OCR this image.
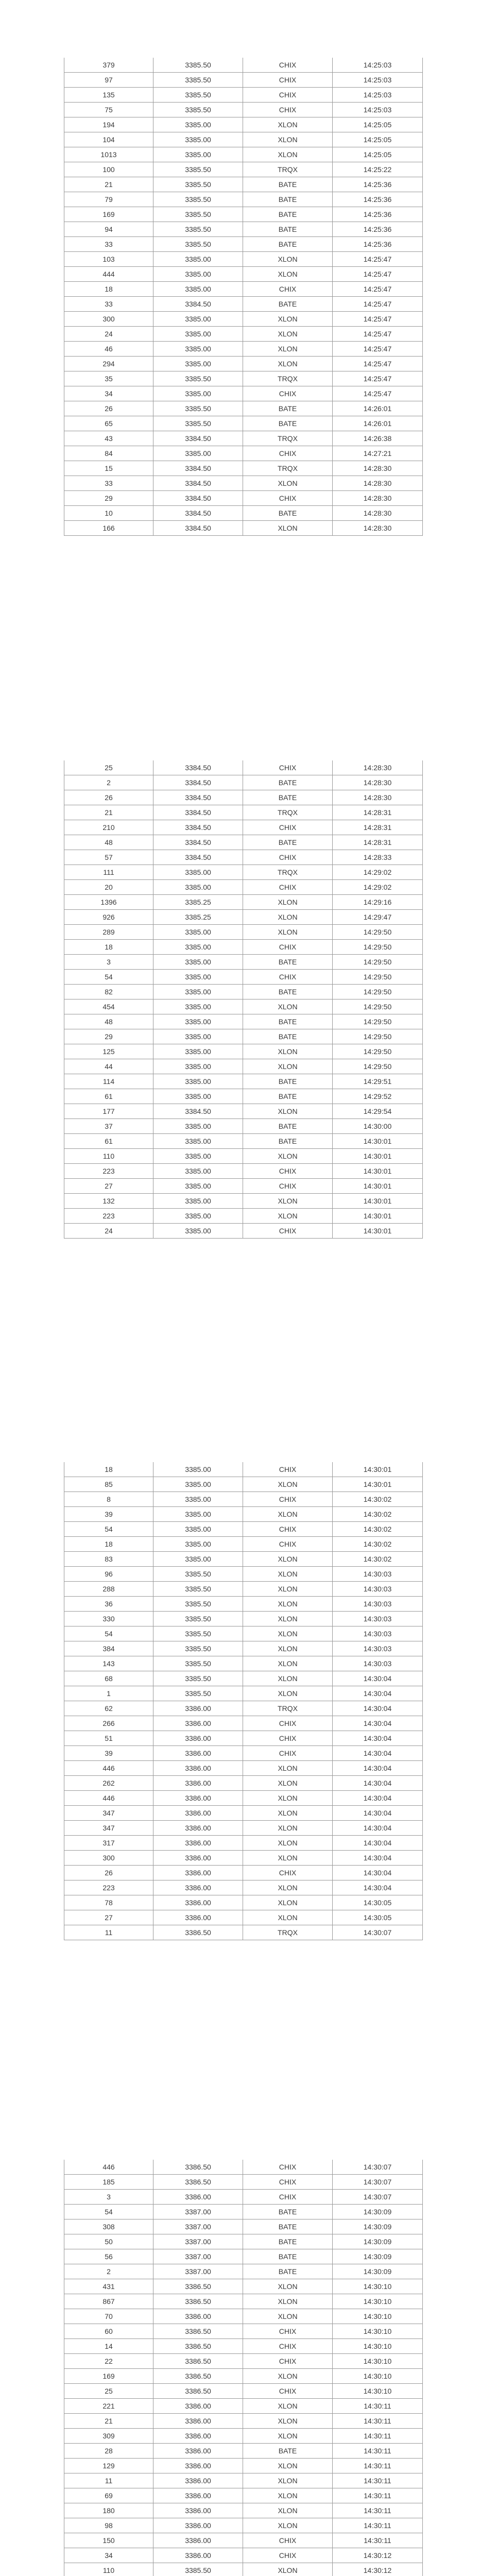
379	3385.50	CHIX	14:25:03
97	3385.50	CHIX	14:25:03
135	3385.50	CHIX	14:25:03
75	3385.50	CHIX	14:25:03
194	3385.00	XLON	14:25:05
104	3385.00	XLON	14:25:05
1013	3385.00	XLON	14:25:05
100	3385.50	TRQX	14:25:22
21	3385.50	BATE	14:25:36
79	3385.50	BATE	14:25:36
169	3385.50	BATE	14:25:36
94	3385.50	BATE	14:25:36
33	3385.50	BATE	14:25:36
103	3385.00	XLON	14:25:47
444	3385.00	XLON	14:25:47
18	3385.00	CHIX	14:25:47
33	3384.50	BATE	14:25:47
300	3385.00	XLON	14:25:47
24	3385.00	XLON	14:25:47
46	3385.00	XLON	14:25:47
294	3385.00	XLON	14:25:47
35	3385.50	TRQX	14:25:47
34	3385.00	CHIX	14:25:47
26	3385.50	BATE	14:26:01
65	3385.50	BATE	14:26:01
43	3384.50	TRQX	14:26:38
84	3385.00	CHIX	14:27:21
15	3384.50	TRQX	14:28:30
33	3384.50	XLON	14:28:30
29	3384.50	CHIX	14:28:30
10	3384.50	BATE	14:28:30
166	3384.50	XLON	14:28:30
25	3384.50	CHIX	14:28:30
2	3384.50	BATE	14:28:30
26	3384.50	BATE	14:28:30
21	3384.50	TRQX	14:28:31
210	3384.50	CHIX	14:28:31
48	3384.50	BATE	14:28:31
57	3384.50	CHIX	14:28:33
111	3385.00	TRQX	14:29:02
20	3385.00	CHIX	14:29:02
1396	3385.25	XLON	14:29:16
926	3385.25	XLON	14:29:47
289	3385.00	XLON	14:29:50
18	3385.00	CHIX	14:29:50
3	3385.00	BATE	14:29:50
54	3385.00	CHIX	14:29:50
82	3385.00	BATE	14:29:50
454	3385.00	XLON	14:29:50
48	3385.00	BATE	14:29:50
29	3385.00	BATE	14:29:50
125	3385.00	XLON	14:29:50
44	3385.00	XLON	14:29:50
114	3385.00	BATE	14:29:51
61	3385.00	BATE	14:29:52
177	3384.50	XLON	14:29:54
37	3385.00	BATE	14:30:00
61	3385.00	BATE	14:30:01
110	3385.00	XLON	14:30:01
223	3385.00	CHIX	14:30:01
27	3385.00	CHIX	14:30:01
132	3385.00	XLON	14:30:01
223	3385.00	XLON	14:30:01
24	3385.00	CHIX	14:30:01
18	3385.00	CHIX	14:30:01
85	3385.00	XLON	14:30:01
8	3385.00	CHIX	14:30:02
39	3385.00	XLON	14:30:02
54	3385.00	CHIX	14:30:02
18	3385.00	CHIX	14:30:02
83	3385.00	XLON	14:30:02
96	3385.50	XLON	14:30:03
288	3385.50	XLON	14:30:03
36	3385.50	XLON	14:30:03
330	3385.50	XLON	14:30:03
54	3385.50	XLON	14:30:03
384	3385.50	XLON	14:30:03
143	3385.50	XLON	14:30:03
68	3385.50	XLON	14:30:04
1	3385.50	XLON	14:30:04
62	3386.00	TRQX	14:30:04
266	3386.00	CHIX	14:30:04
51	3386.00	CHIX	14:30:04
39	3386.00	CHIX	14:30:04
446	3386.00	XLON	14:30:04
262	3386.00	XLON	14:30:04
446	3386.00	XLON	14:30:04
347	3386.00	XLON	14:30:04
347	3386.00	XLON	14:30:04
317	3386.00	XLON	14:30:04
300	3386.00	XLON	14:30:04
26	3386.00	CHIX	14:30:04
223	3386.00	XLON	14:30:04
78	3386.00	XLON	14:30:05
27	3386.00	XLON	14:30:05
11	3386.50	TRQX	14:30:07
446	3386.50	CHIX	14:30:07
185	3386.50	CHIX	14:30:07
3	3386.00	CHIX	14:30:07
54	3387.00	BATE	14:30:09
308	3387.00	BATE	14:30:09
50	3387.00	BATE	14:30:09
56	3387.00	BATE	14:30:09
2	3387.00	BATE	14:30:09
431	3386.50	XLON	14:30:10
867	3386.50	XLON	14:30:10
70	3386.00	XLON	14:30:10
60	3386.50	CHIX	14:30:10
14	3386.50	CHIX	14:30:10
22	3386.50	CHIX	14:30:10
169	3386.50	XLON	14:30:10
25	3386.50	CHIX	14:30:10
221	3386.00	XLON	14:30:11
21	3386.00	XLON	14:30:11
309	3386.00	XLON	14:30:11
28	3386.00	BATE	14:30:11
129	3386.00	XLON	14:30:11
11	3386.00	XLON	14:30:11
69	3386.00	XLON	14:30:11
180	3386.00	XLON	14:30:11
98	3386.00	XLON	14:30:11
150	3386.00	CHIX	14:30:11
34	3386.00	CHIX	14:30:12
110	3385.50	XLON	14:30:12
